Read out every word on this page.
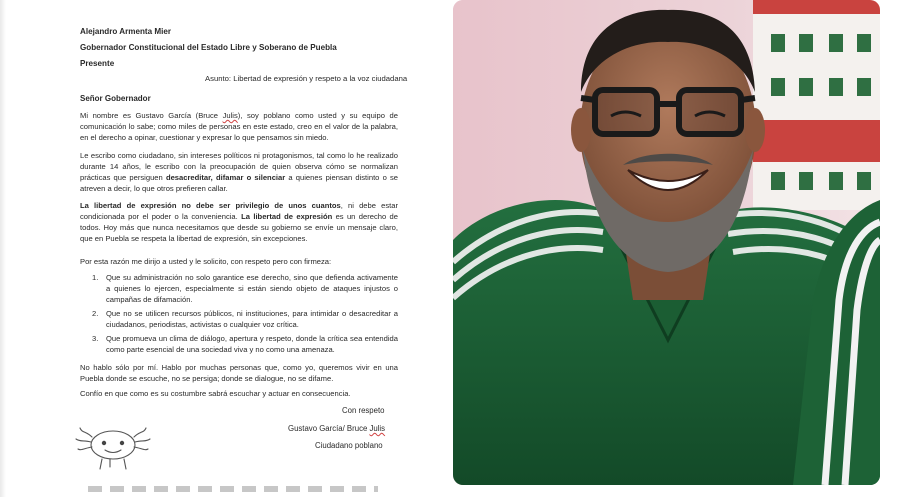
Alejandro Armenta Mier

Gobernador Constitucional del Estado Libre y Soberano de Puebla

Presente

Asunto: Libertad de expresión y respeto a la voz ciudadana
Señor Gobernador

Mi nombre es Gustavo García (Bruce Julis), soy poblano como usted y su equipo de comunicación lo sabe; como miles de personas en este estado, creo en el valor de la palabra, en el derecho a opinar, cuestionar y expresar lo que pensamos sin miedo.

Le escribo como ciudadano, sin intereses políticos ni protagonismos, tal como lo he realizado durante 14 años, le escribo con la preocupación de quien observa cómo se normalizan prácticas que persiguen desacreditar, difamar o silenciar a quienes piensan distinto o se atreven a decir, lo que otros prefieren callar.

La libertad de expresión no debe ser privilegio de unos cuantos, ni debe estar condicionada por el poder o la conveniencia. La libertad de expresión es un derecho de todos. Hoy más que nunca necesitamos que desde su gobierno se envíe un mensaje claro, que en Puebla se respeta la libertad de expresión, sin excepciones.

Por esta razón me dirijo a usted y le solicito, con respeto pero con firmeza:

1. Que su administración no solo garantice ese derecho, sino que defienda activamente a quienes lo ejercen, especialmente si están siendo objeto de ataques injustos o campañas de difamación.
2. Que no se utilicen recursos públicos, ni instituciones, para intimidar o desacreditar a ciudadanos, periodistas, activistas o cualquier voz crítica.
3. Que promueva un clima de diálogo, apertura y respeto, donde la crítica sea entendida como parte esencial de una sociedad viva y no como una amenaza.

No hablo sólo por mí. Hablo por muchas personas que, como yo, queremos vivir en una Puebla donde se escuche, no se persiga; donde se dialogue, no se difame.

Confío en que como es su costumbre sabrá escuchar y actuar en consecuencia.

Con respeto
Gustavo García/ Bruce Julis
Ciudadano poblano
